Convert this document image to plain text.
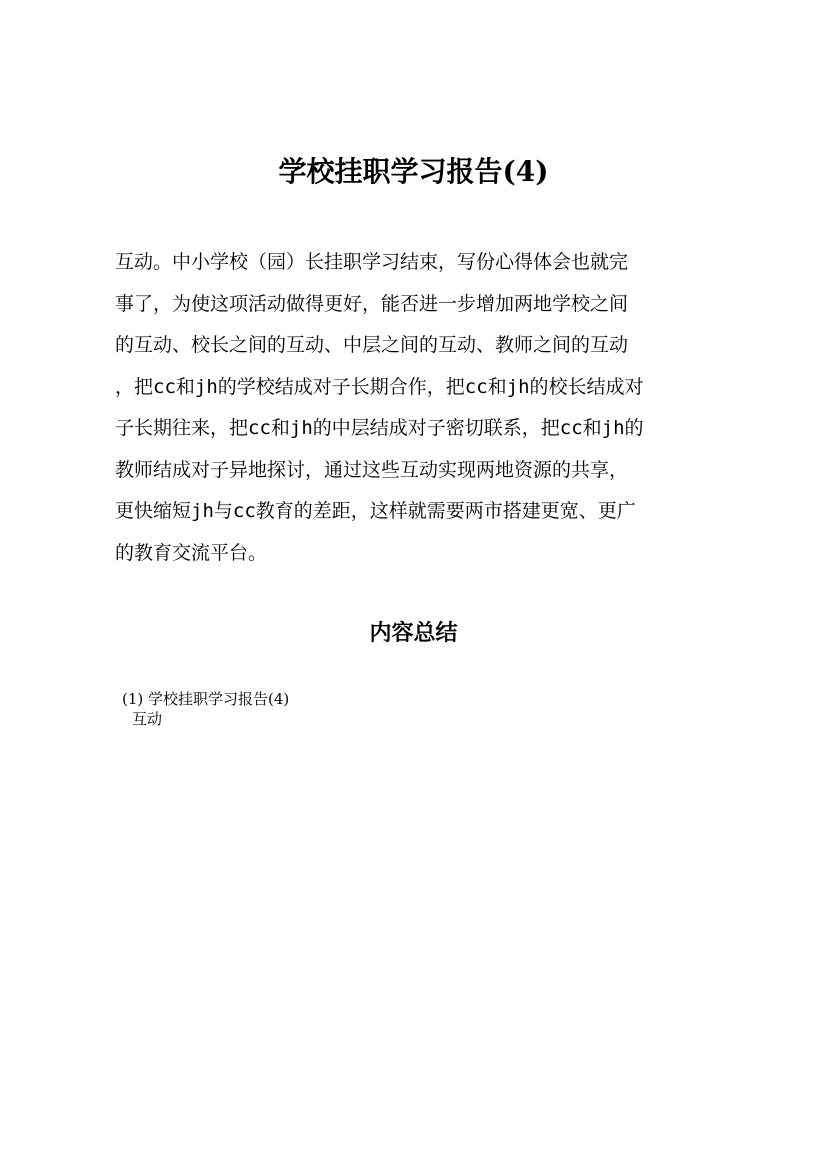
学校挂职学习报告(4)
互动。中小学校（园）长挂职学习结束，写份心得体会也就完
事了，为使这项活动做得更好，能否进一步增加两地学校之间
的互动、校长之间的互动、中层之间的互动、教师之间的互动
，把cc和jh的学校结成对子长期合作，把cc和jh的校长结成对
子长期往来，把cc和jh的中层结成对子密切联系，把cc和jh的
教师结成对子异地探讨，通过这些互动实现两地资源的共享，
更快缩短jh与cc教育的差距，这样就需要两市搭建更宽、更广
的教育交流平台。
内容总结
(1) 学校挂职学习报告(4)
互动
